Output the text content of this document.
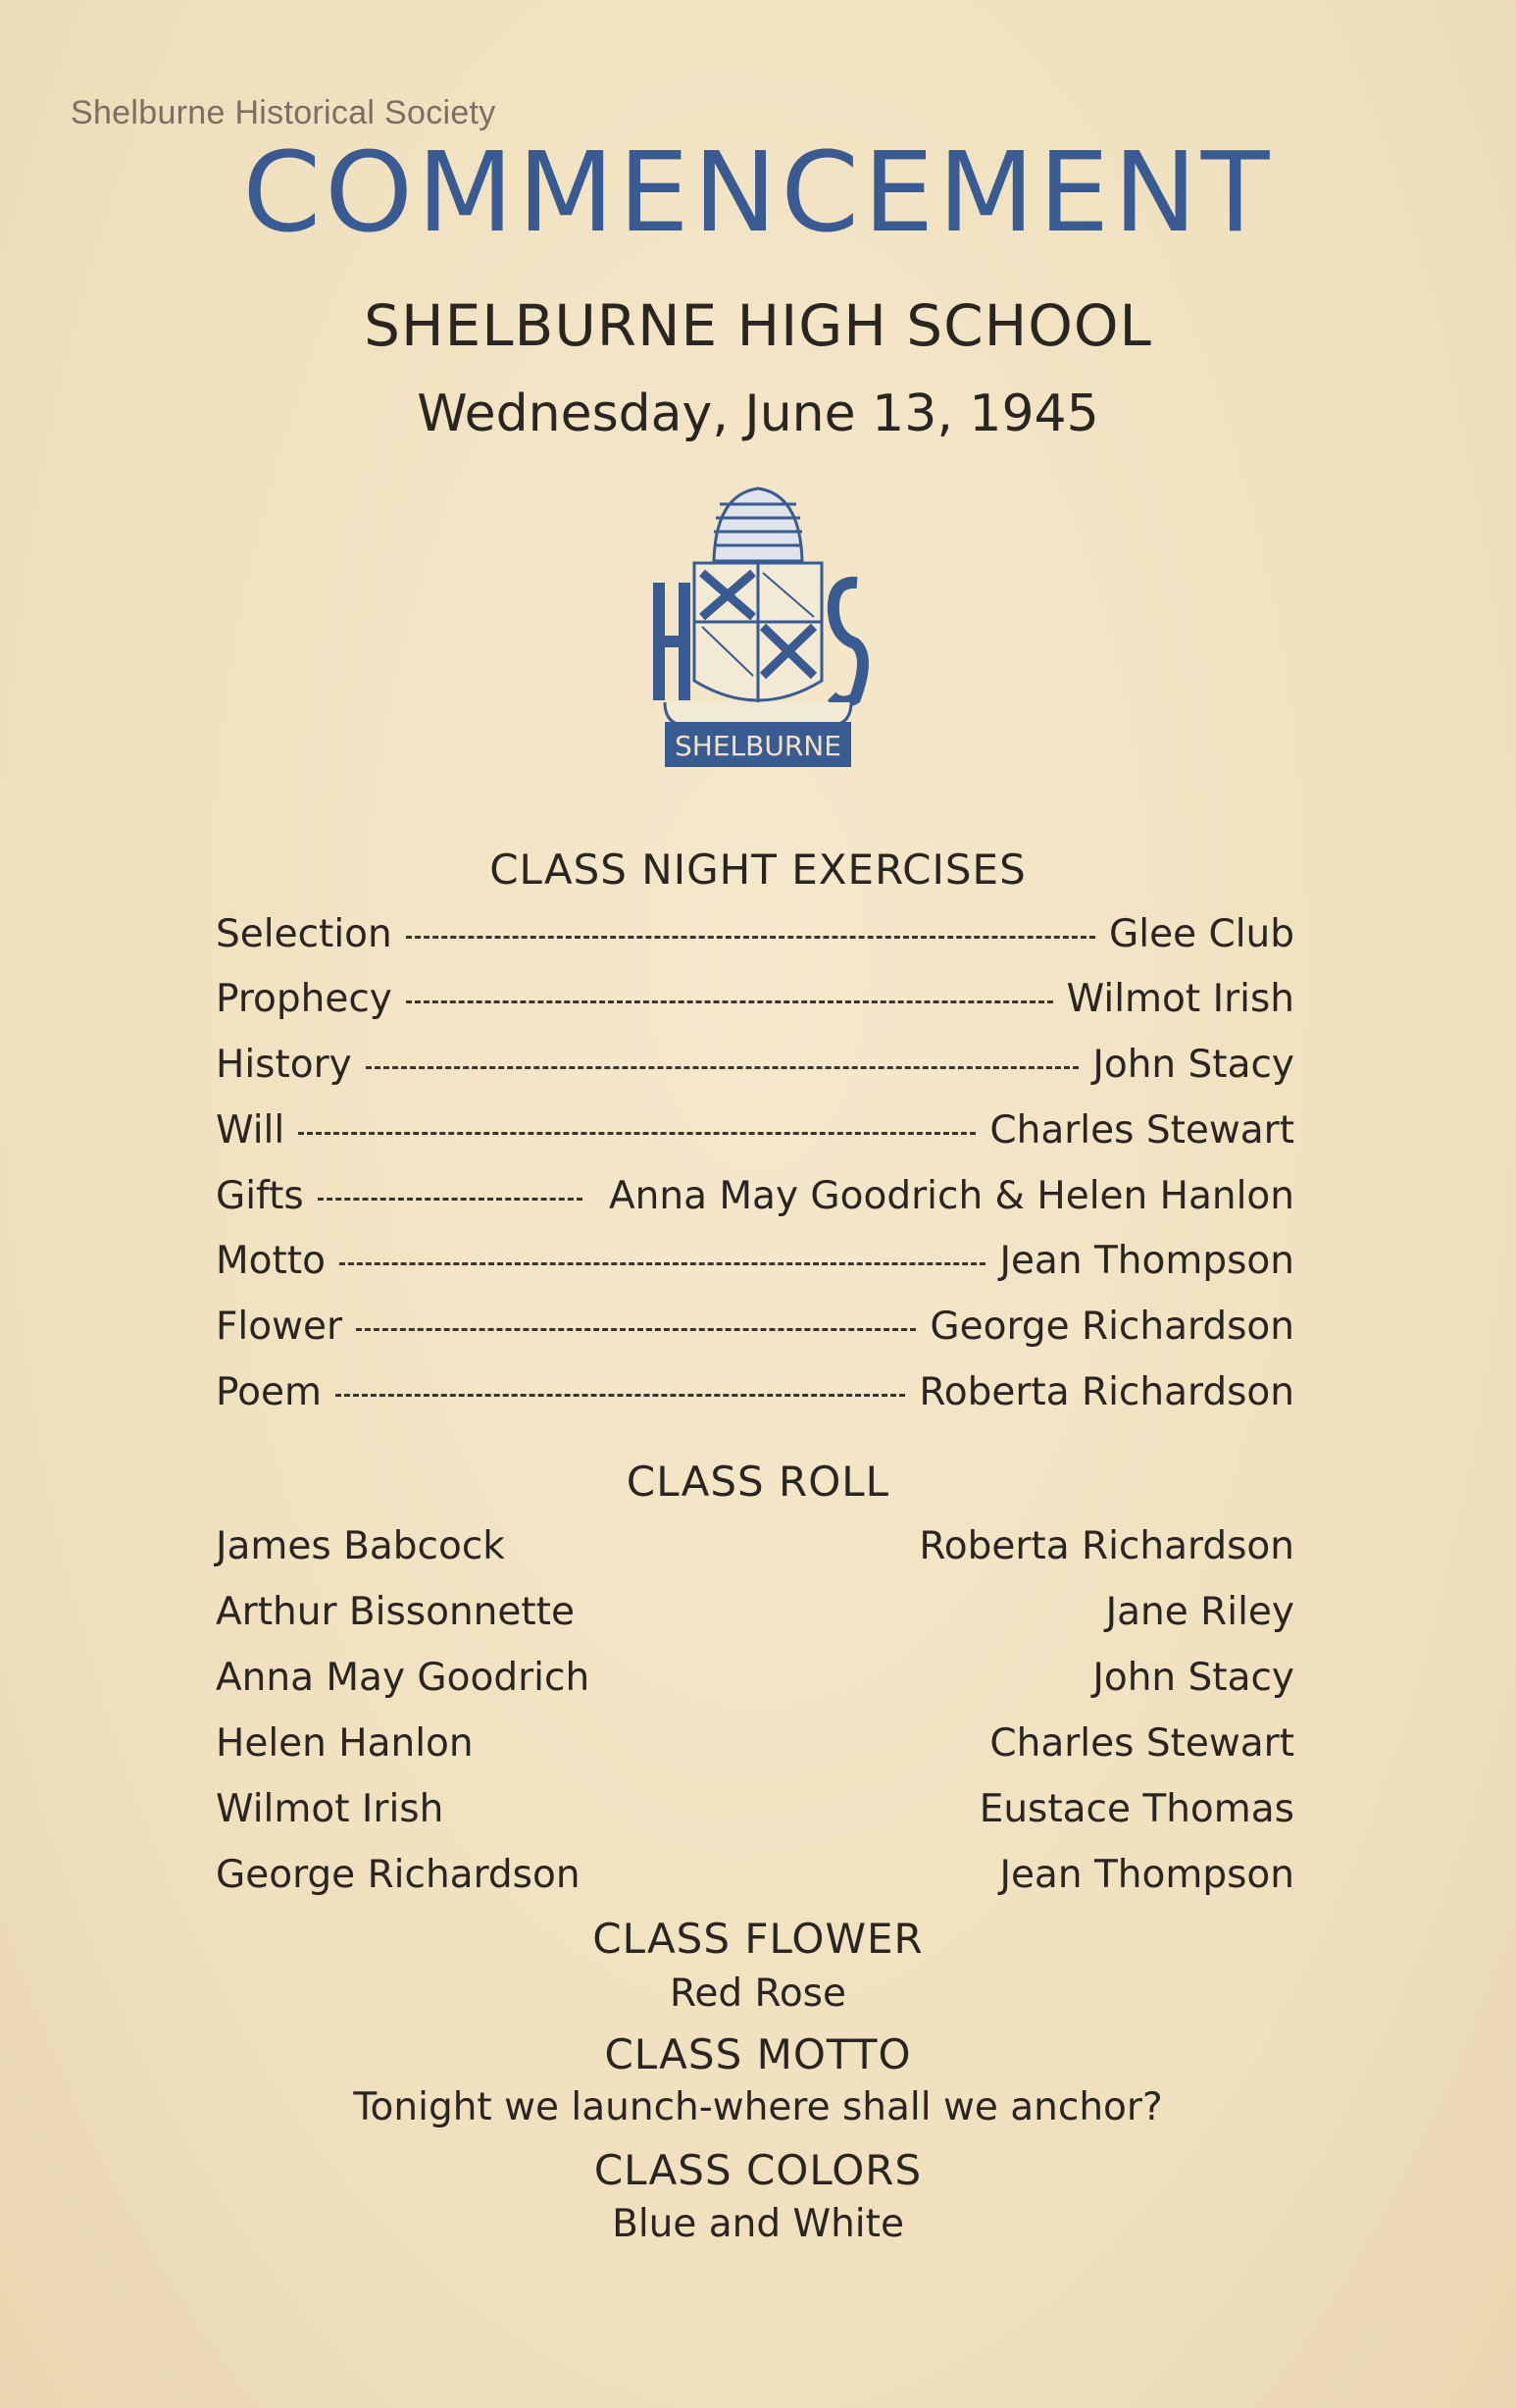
Shelburne Historical Society
COMMENCEMENT
SHELBURNE HIGH SCHOOL
Wednesday, June 13, 1945
SHELBURNE
CLASS NIGHT EXERCISES
Selection	Glee Club
Prophecy	Wilmot Irish
History	John Stacy
Will	Charles Stewart
Gifts	Anna May Goodrich & Helen Hanlon
Motto	Jean Thompson
Flower	George Richardson
Poem	Roberta Richardson
CLASS ROLL
James Babcock	Roberta Richardson
Arthur Bissonnette	Jane Riley
Anna May Goodrich	John Stacy
Helen Hanlon	Charles Stewart
Wilmot Irish	Eustace Thomas
George Richardson	Jean Thompson
CLASS FLOWER
Red Rose
CLASS MOTTO
Tonight we launch-where shall we anchor?
CLASS COLORS
Blue and White
